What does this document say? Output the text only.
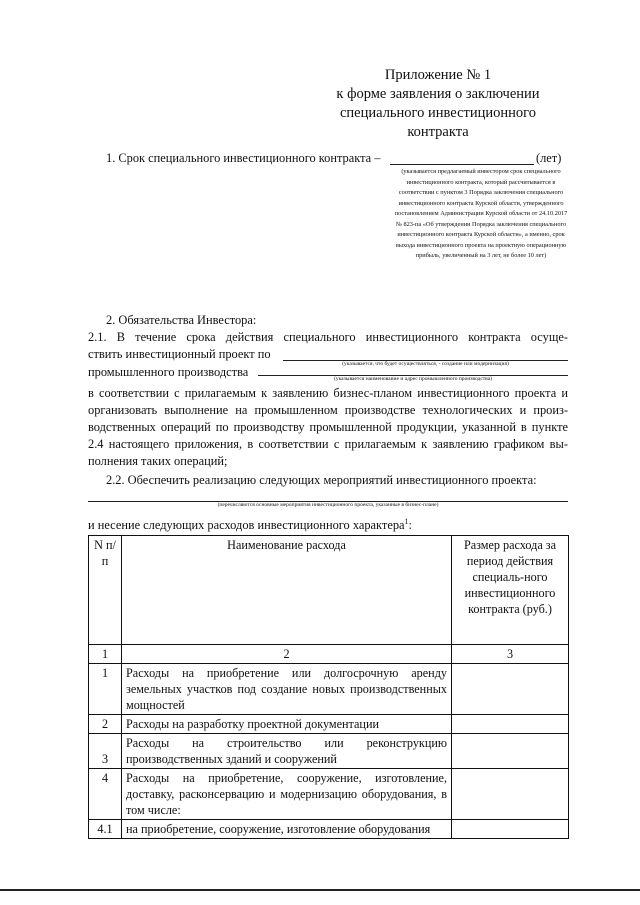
Приложение № 1
к форме заявления о заключении
специального инвестиционного
контракта
1. Срок специального инвестиционного контракта –	(лет)
(указывается предлагаемый инвестором срок специального инвестиционного контракта, который рассчитывается в соответствии с пунктом 3 Порядка заключения специального инвестиционного контракта Курской области, утвержденного постановлением Администрации Курской области от 24.10.2017 № 823-па «Об утверждении Порядка заключения специального инвестиционного контракта Курской области», а именно, срок выхода инвестиционного проекта на проектную операционную прибыль, увеличенный на 3 лет, не более 10 лет)
2. Обязательства Инвестора:
2.1. В течение срока действия специального инвестиционного контракта осуще-
ствить инвестиционный проект по
(указывается, что будет осуществляться, - создание или модернизация)
промышленного производства	(указывается наименование и адрес промышленного производства)
в соответствии с прилагаемым к заявлению бизнес-планом инвестиционного проекта и
организовать выполнение на промышленном производстве технологических и произ-
водственных операций по производству промышленной продукции, указанной в пункте
2.4 настоящего приложения, в соответствии с прилагаемым к заявлению графиком вы-
полнения таких операций;
2.2. Обеспечить реализацию следующих мероприятий инвестиционного проекта:
(перечисляются основные мероприятия инвестиционного проекта, указанные в бизнес-плане)
и несение следующих расходов инвестиционного характера$^1$:
N п/п	Наименование расхода	Размер расхода за период действия специаль-ного инвестиционного контракта (руб.)
1	2	3
1	Расходы на приобретение или долгосрочную аренду земельных участков под создание новых производственных мощностей	
2	Расходы на разработку проектной документации	
3	Расходы на строительство или реконструкцию производственных зданий и сооружений	
4	Расходы на приобретение, сооружение, изготовление, доставку, расконсервацию и модернизацию оборудования, в том числе:	
4.1	на приобретение, сооружение, изготовление оборудования	
